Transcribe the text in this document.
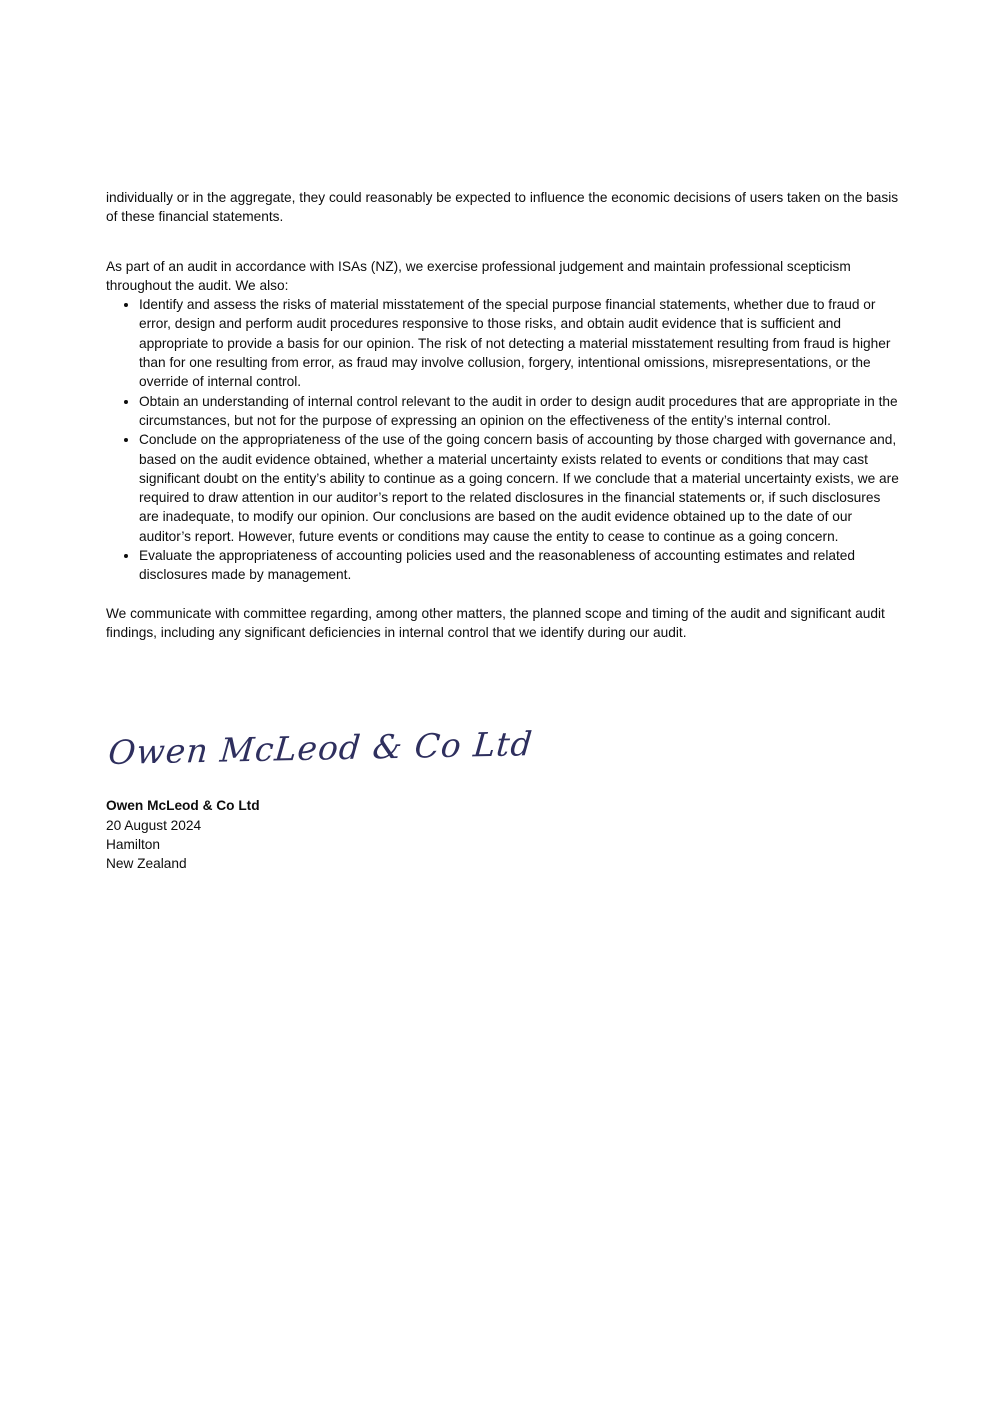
individually or in the aggregate, they could reasonably be expected to influence the economic decisions of users taken on the basis of these financial statements.

As part of an audit in accordance with ISAs (NZ), we exercise professional judgement and maintain professional scepticism throughout the audit. We also:

• Identify and assess the risks of material misstatement of the special purpose financial statements, whether due to fraud or error, design and perform audit procedures responsive to those risks, and obtain audit evidence that is sufficient and appropriate to provide a basis for our opinion. The risk of not detecting a material misstatement resulting from fraud is higher than for one resulting from error, as fraud may involve collusion, forgery, intentional omissions, misrepresentations, or the override of internal control.
• Obtain an understanding of internal control relevant to the audit in order to design audit procedures that are appropriate in the circumstances, but not for the purpose of expressing an opinion on the effectiveness of the entity’s internal control.
• Conclude on the appropriateness of the use of the going concern basis of accounting by those charged with governance and, based on the audit evidence obtained, whether a material uncertainty exists related to events or conditions that may cast significant doubt on the entity’s ability to continue as a going concern. If we conclude that a material uncertainty exists, we are required to draw attention in our auditor’s report to the related disclosures in the financial statements or, if such disclosures are inadequate, to modify our opinion. Our conclusions are based on the audit evidence obtained up to the date of our auditor’s report. However, future events or conditions may cause the entity to cease to continue as a going concern.
• Evaluate the appropriateness of accounting policies used and the reasonableness of accounting estimates and related disclosures made by management.

We communicate with committee regarding, among other matters, the planned scope and timing of the audit and significant audit findings, including any significant deficiencies in internal control that we identify during our audit.

Owen McLeod & Co Ltd
Owen McLeod & Co Ltd
20 August 2024
Hamilton
New Zealand
